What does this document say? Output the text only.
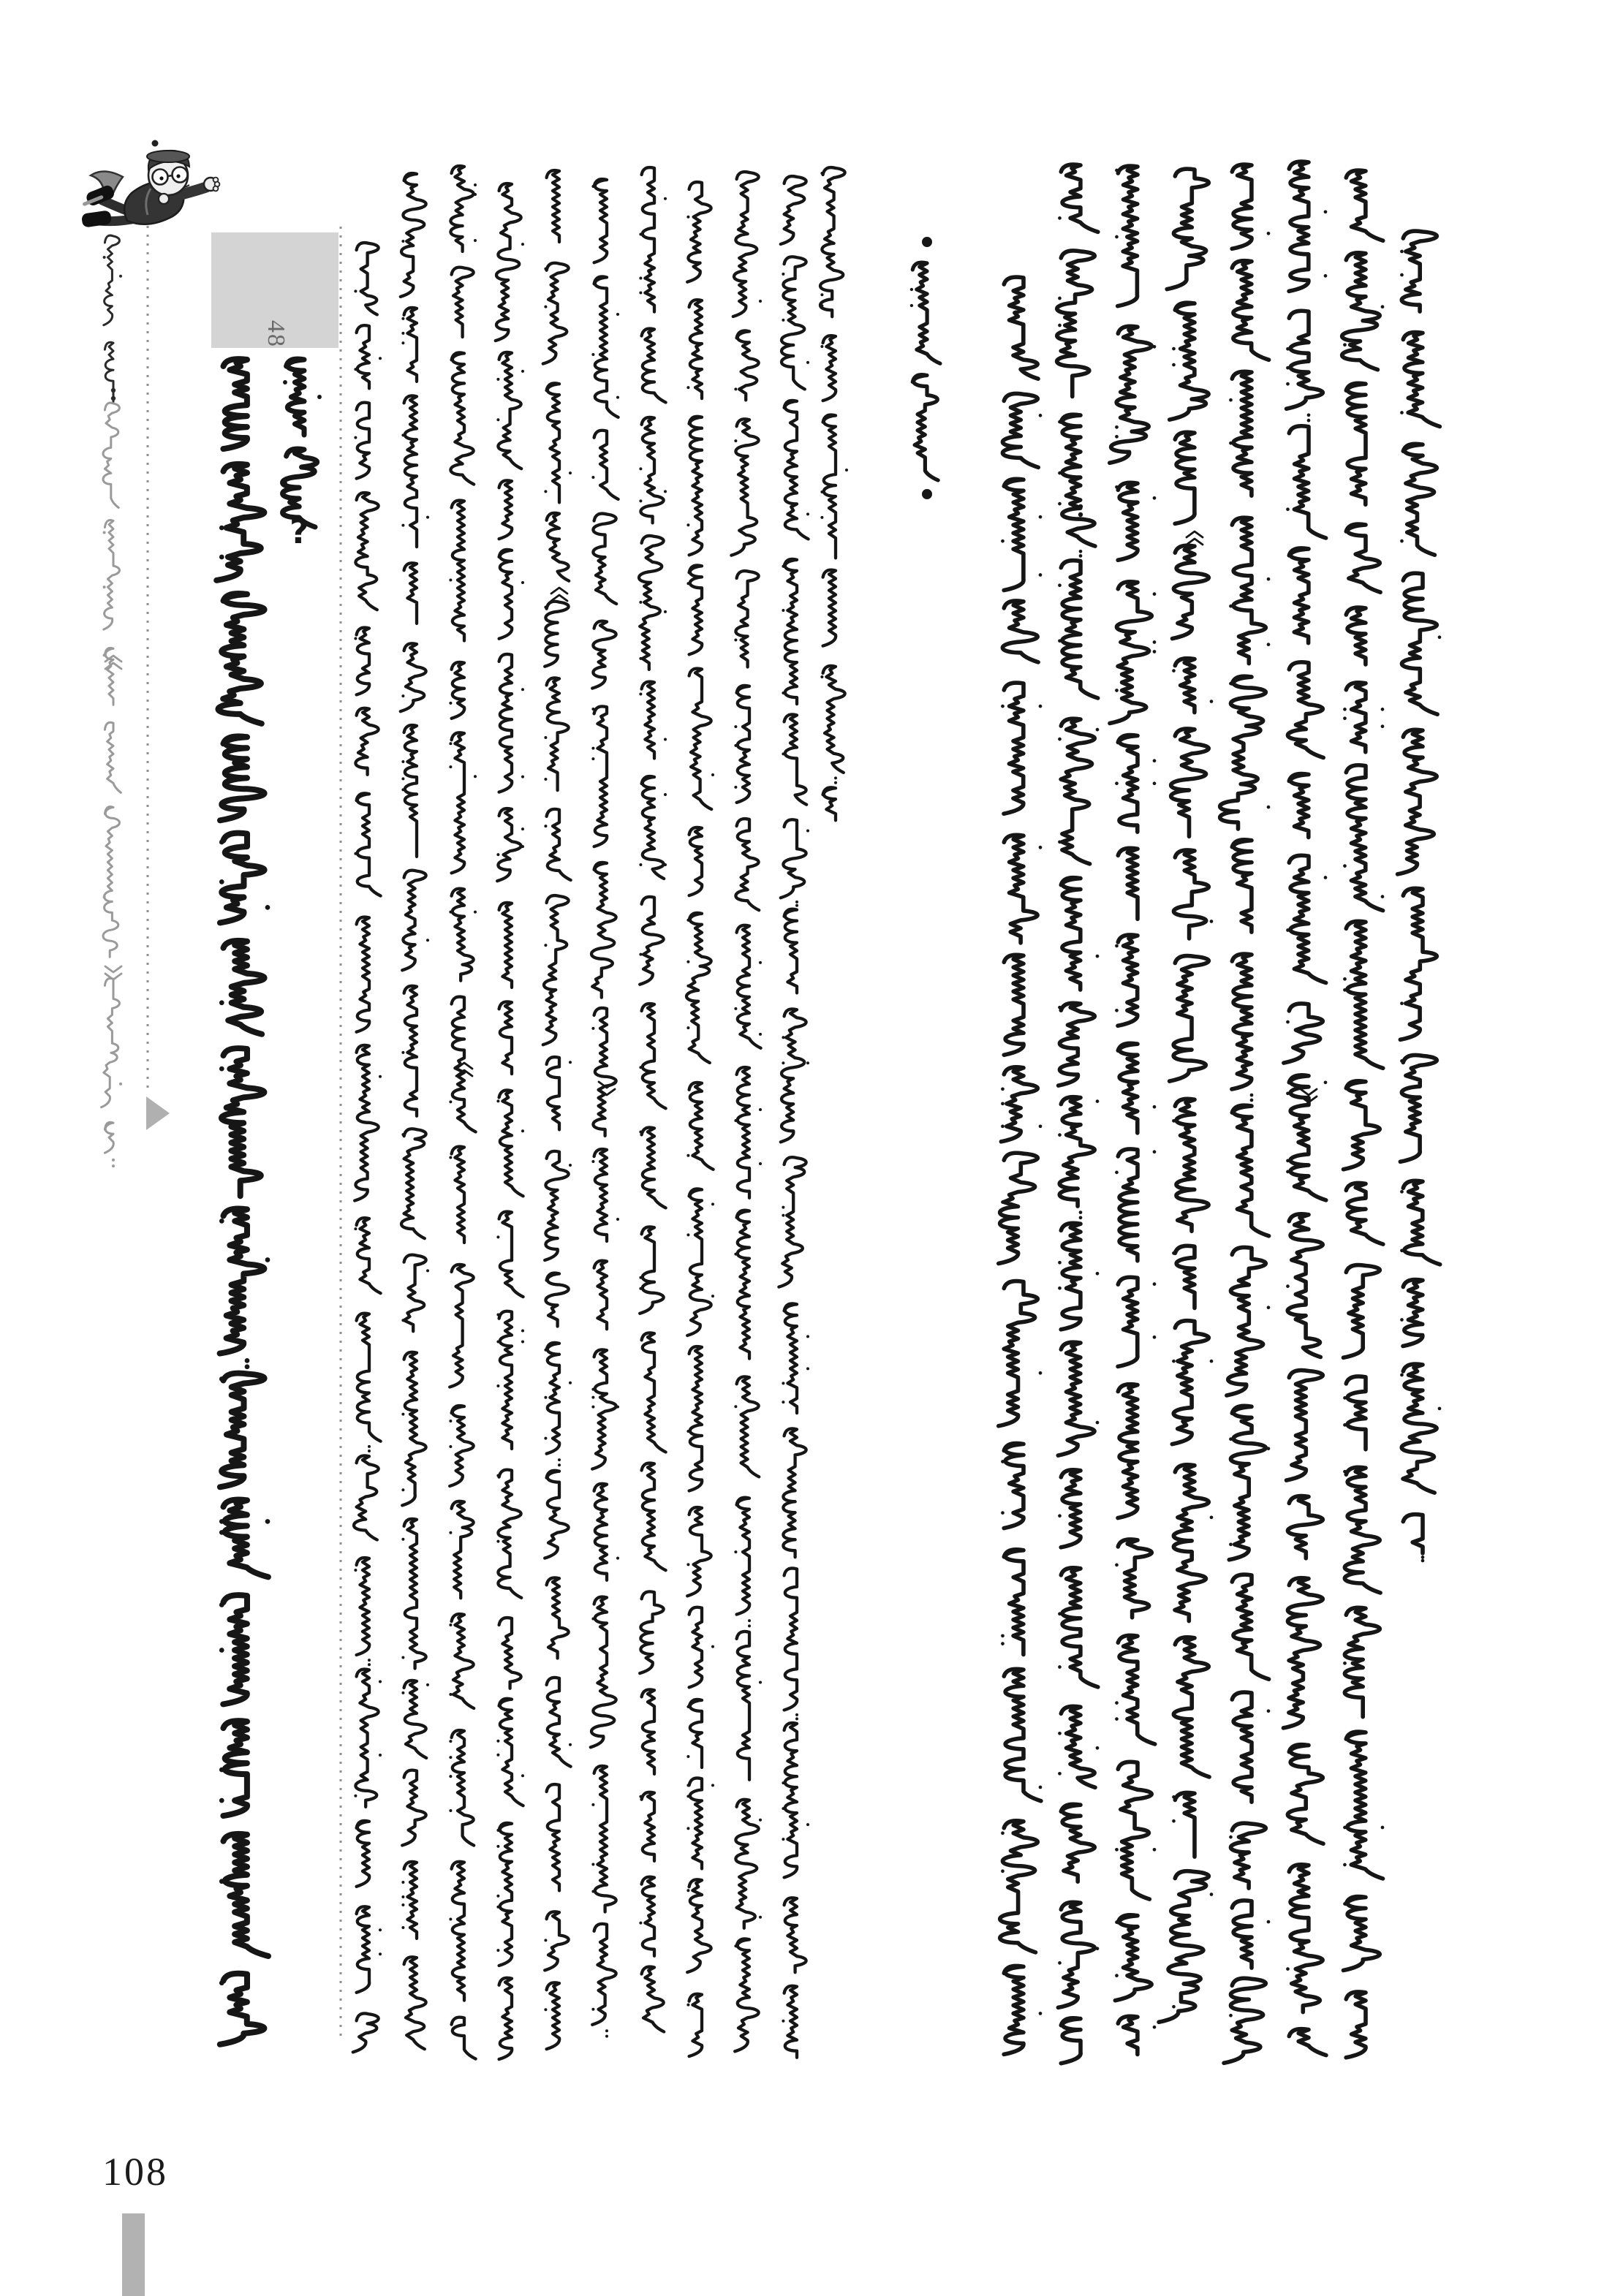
48
?
108
